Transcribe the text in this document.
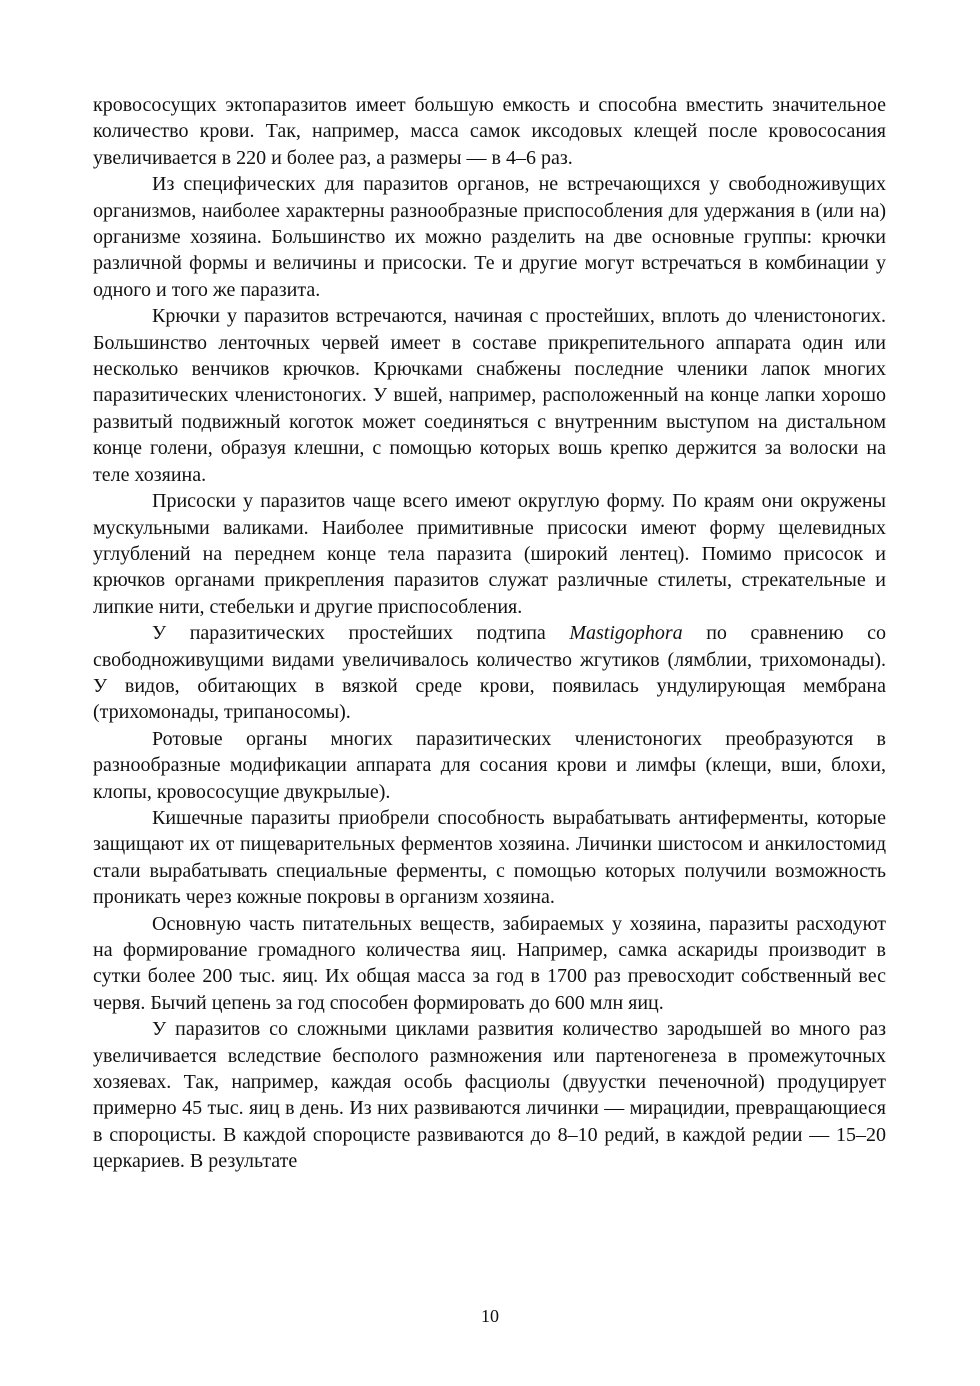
кровососущих эктопаразитов имеет большую емкость и способна вместить значительное количество крови. Так, например, масса самок иксодовых клещей после кровососания увеличивается в 220 и более раз, а размеры — в 4–6 раз.

Из специфических для паразитов органов, не встречающихся у свободноживущих организмов, наиболее характерны разнообразные приспособления для удержания в (или на) организме хозяина. Большинство их можно разделить на две основные группы: крючки различной формы и величины и присоски. Те и другие могут встречаться в комбинации у одного и того же паразита.

Крючки у паразитов встречаются, начиная с простейших, вплоть до членистоногих. Большинство ленточных червей имеет в составе прикрепительного аппарата один или несколько венчиков крючков. Крючками снабжены последние членики лапок многих паразитических членистоногих. У вшей, например, расположенный на конце лапки хорошо развитый подвижный коготок может соединяться с внутренним выступом на дистальном конце голени, образуя клешни, с помощью которых вошь крепко держится за волоски на теле хозяина.

Присоски у паразитов чаще всего имеют округлую форму. По краям они окружены мускульными валиками. Наиболее примитивные присоски имеют форму щелевидных углублений на переднем конце тела паразита (широкий лентец). Помимо присосок и крючков органами прикрепления паразитов служат различные стилеты, стрекательные и липкие нити, стебельки и другие приспособления.

У паразитических простейших подтипа Mastigophora по сравнению со свободноживущими видами увеличивалось количество жгутиков (лямблии, трихомонады). У видов, обитающих в вязкой среде крови, появилась ундулирующая мембрана (трихомонады, трипаносомы).

Ротовые органы многих паразитических членистоногих преобразуются в разнообразные модификации аппарата для сосания крови и лимфы (клещи, вши, блохи, клопы, кровососущие двукрылые).

Кишечные паразиты приобрели способность вырабатывать антиферменты, которые защищают их от пищеварительных ферментов хозяина. Личинки шистосом и анкилостомид стали вырабатывать специальные ферменты, с помощью которых получили возможность проникать через кожные покровы в организм хозяина.

Основную часть питательных веществ, забираемых у хозяина, паразиты расходуют на формирование громадного количества яиц. Например, самка аскариды производит в сутки более 200 тыс. яиц. Их общая масса за год в 1700 раз превосходит собственный вес червя. Бычий цепень за год способен формировать до 600 млн яиц.

У паразитов со сложными циклами развития количество зародышей во много раз увеличивается вследствие бесполого размножения или партеногенеза в промежуточных хозяевах. Так, например, каждая особь фасциолы (двуустки печеночной) продуцирует примерно 45 тыс. яиц в день. Из них развиваются личинки — мирацидии, превращающиеся в спороцисты. В каждой спороцисте развиваются до 8–10 редий, в каждой редии — 15–20 церкариев. В результате

10
